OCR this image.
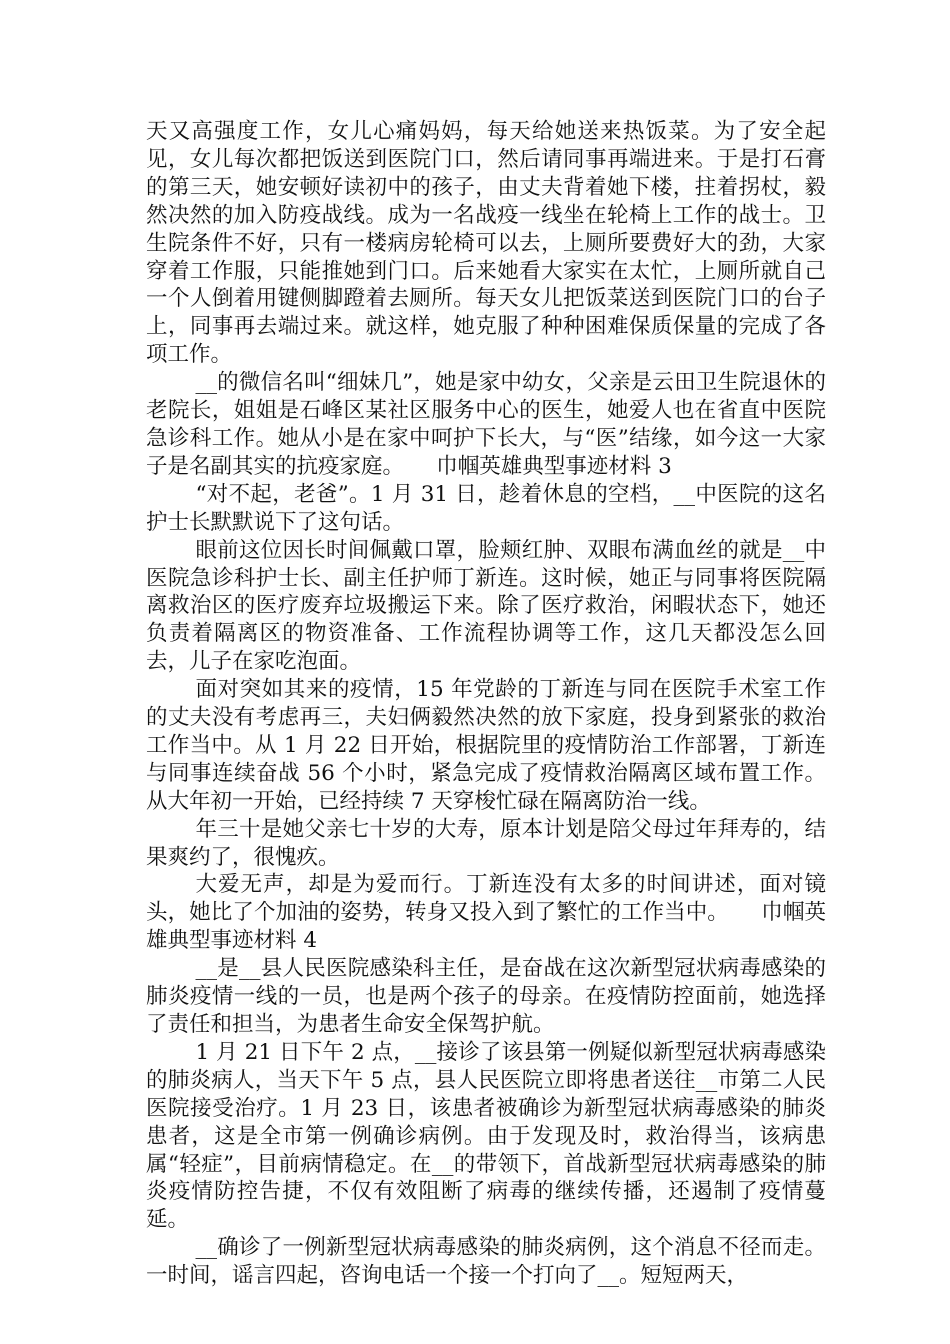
天又高强度工作，女儿心痛妈妈，每天给她送来热饭菜。为了安全起见，女儿每次都把饭送到医院门口，然后请同事再端进来。于是打石膏的第三天，她安顿好读初中的孩子，由丈夫背着她下楼，拄着拐杖，毅然决然的加入防疫战线。成为一名战疫一线坐在轮椅上工作的战士。卫生院条件不好，只有一楼病房轮椅可以去，上厕所要费好大的劲，大家穿着工作服，只能推她到门口。后来她看大家实在太忙，上厕所就自己一个人倒着用键侧脚蹬着去厕所。每天女儿把饭菜送到医院门口的台子上，同事再去端过来。就这样，她克服了种种困难保质保量的完成了各项工作。

__的微信名叫“细妹几”，她是家中幼女，父亲是云田卫生院退休的老院长，姐姐是石峰区某社区服务中心的医生，她爱人也在省直中医院急诊科工作。她从小是在家中呵护下长大，与“医”结缘，如今这一大家子是名副其实的抗疫家庭。　　巾帼英雄典型事迹材料 3

“对不起，老爸”。1 月 31 日，趁着休息的空档，__中医院的这名护士长默默说下了这句话。

眼前这位因长时间佩戴口罩，脸颊红肿、双眼布满血丝的就是__中医院急诊科护士长、副主任护师丁新连。这时候，她正与同事将医院隔离救治区的医疗废弃垃圾搬运下来。除了医疗救治，闲暇状态下，她还负责着隔离区的物资准备、工作流程协调等工作，这几天都没怎么回去，儿子在家吃泡面。

面对突如其来的疫情，15 年党龄的丁新连与同在医院手术室工作的丈夫没有考虑再三，夫妇俩毅然决然的放下家庭，投身到紧张的救治工作当中。从 1 月 22 日开始，根据院里的疫情防治工作部署，丁新连与同事连续奋战 56 个小时，紧急完成了疫情救治隔离区域布置工作。从大年初一开始，已经持续 7 天穿梭忙碌在隔离防治一线。

年三十是她父亲七十岁的大寿，原本计划是陪父母过年拜寿的，结果爽约了，很愧疚。

大爱无声，却是为爱而行。丁新连没有太多的时间讲述，面对镜头，她比了个加油的姿势，转身又投入到了繁忙的工作当中。　　巾帼英雄典型事迹材料 4

__是__县人民医院感染科主任，是奋战在这次新型冠状病毒感染的肺炎疫情一线的一员，也是两个孩子的母亲。在疫情防控面前，她选择了责任和担当，为患者生命安全保驾护航。

1 月 21 日下午 2 点，__接诊了该县第一例疑似新型冠状病毒感染的肺炎病人，当天下午 5 点，县人民医院立即将患者送往__市第二人民医院接受治疗。1 月 23 日，该患者被确诊为新型冠状病毒感染的肺炎患者，这是全市第一例确诊病例。由于发现及时，救治得当，该病患属“轻症”，目前病情稳定。在__的带领下，首战新型冠状病毒感染的肺炎疫情防控告捷，不仅有效阻断了病毒的继续传播，还遏制了疫情蔓延。

__确诊了一例新型冠状病毒感染的肺炎病例，这个消息不径而走。一时间，谣言四起，咨询电话一个接一个打向了__。短短两天，
